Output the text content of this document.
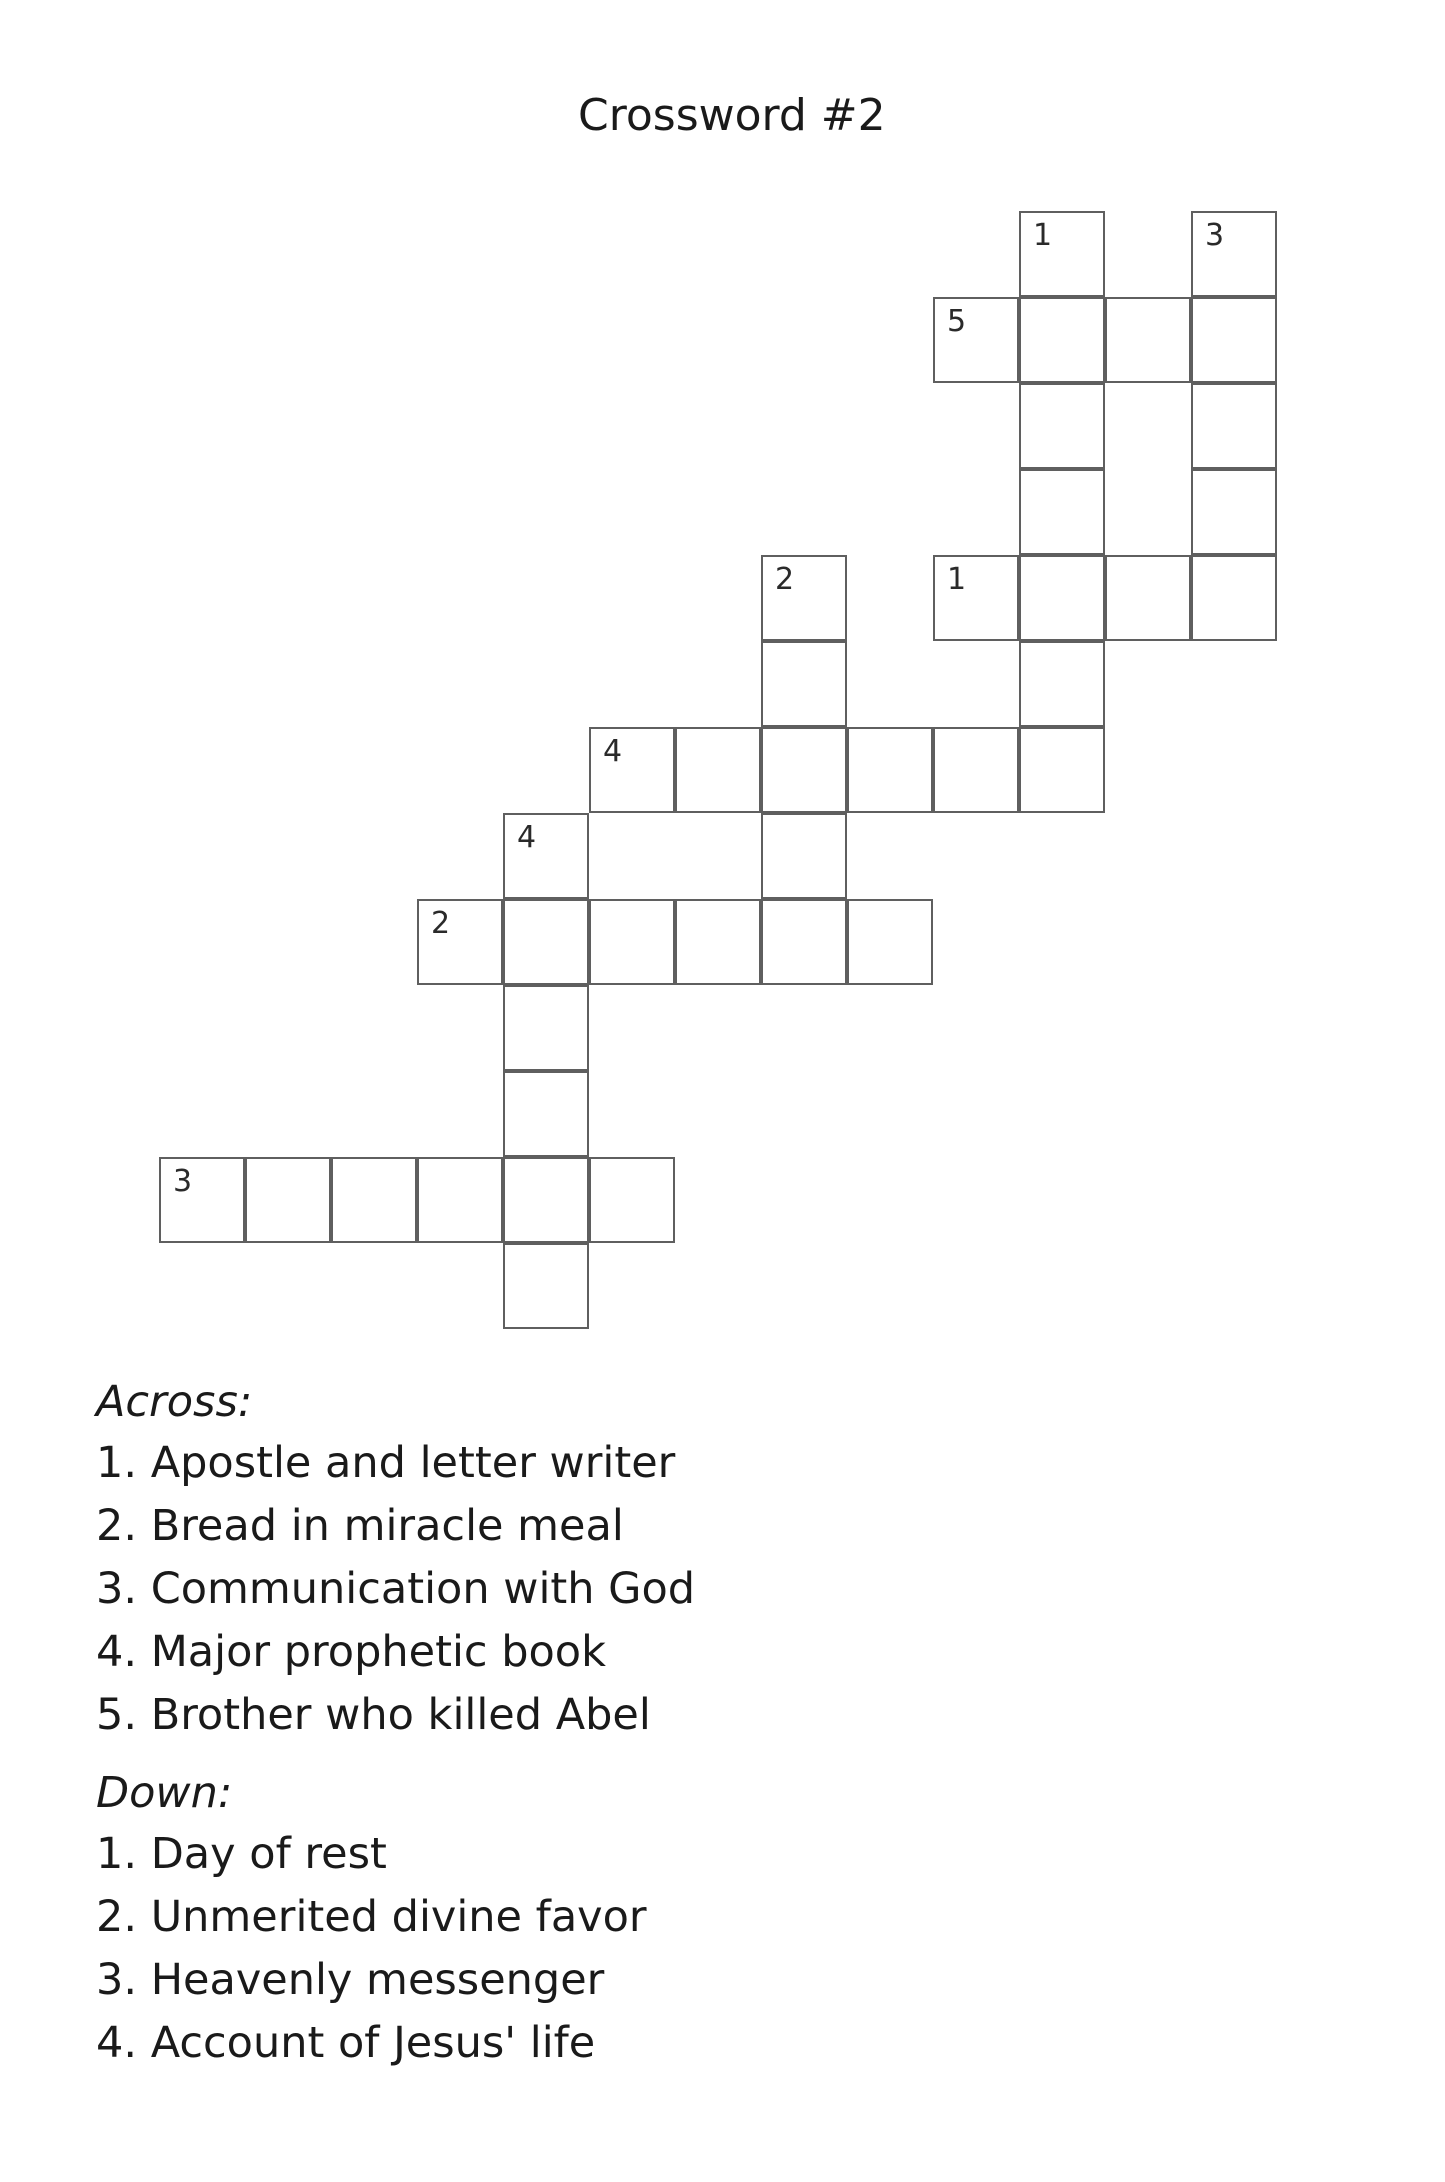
Crossword #2
1	3
5
2	1
4
4
2
3

Across:

1. Apostle and letter writer
2. Bread in miracle meal
3. Communication with God
4. Major prophetic book
5. Brother who killed Abel

Down:

1. Day of rest
2. Unmerited divine favor
3. Heavenly messenger
4. Account of Jesus' life
